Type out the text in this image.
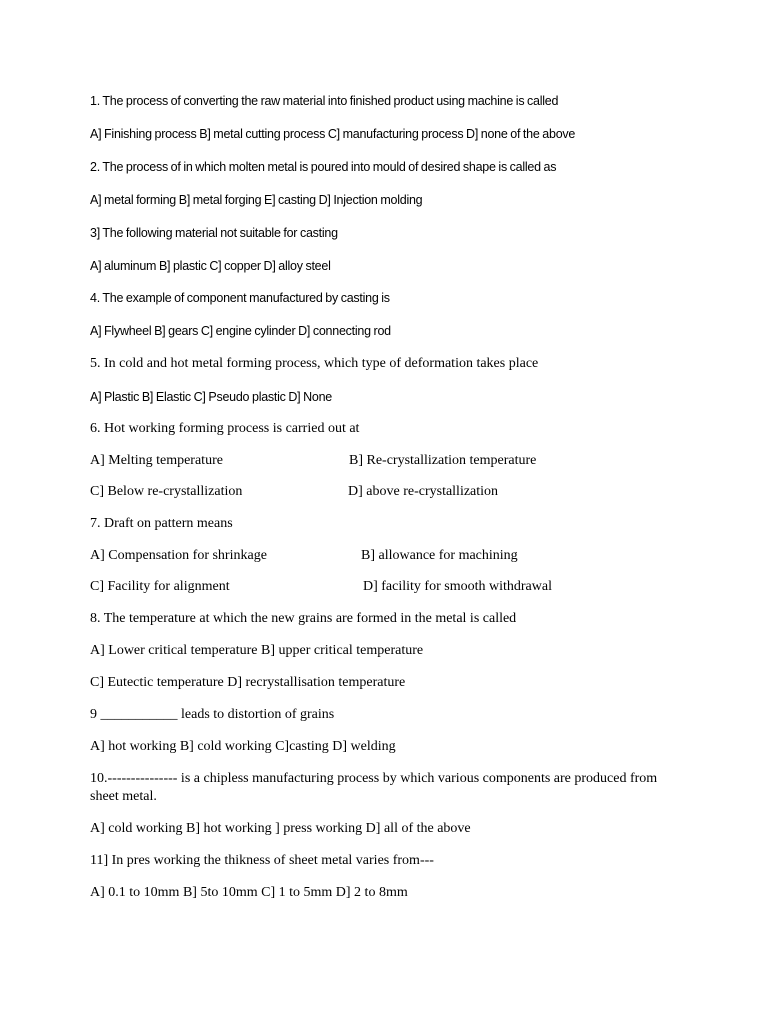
1. The process of converting the raw material into finished product using machine is called
A] Finishing process B] metal cutting process C] manufacturing process D] none of the above
2. The process of in which molten metal is poured into mould of desired shape is called as
A] metal forming B] metal forging E] casting D] Injection molding
3] The following material not suitable for casting
A] aluminum B] plastic C] copper D] alloy steel
4. The example of component manufactured by casting is
A] Flywheel B] gears C] engine cylinder D] connecting rod
5. In cold and hot metal forming process, which type of deformation takes place
A] Plastic B] Elastic C] Pseudo plastic D] None
6. Hot working forming process is carried out at
A] Melting temperature	B] Re-crystallization temperature
C] Below re-crystallization	D] above re-crystallization
7. Draft on pattern means
A] Compensation for shrinkage	B] allowance for machining
C] Facility for alignment	D] facility for smooth withdrawal
8. The temperature at which the new grains are formed in the metal is called
A] Lower critical temperature B] upper critical temperature
C] Eutectic temperature D] recrystallisation temperature
9 ___________ leads to distortion of grains
A] hot working B] cold working C]casting D] welding
10.--------------- is a chipless manufacturing process by which various components are produced from sheet metal.
A] cold working B] hot working ] press working D] all of the above
11] In pres working the thikness of sheet metal varies from---
A] 0.1 to 10mm B] 5to 10mm C] 1 to 5mm D] 2 to 8mm
